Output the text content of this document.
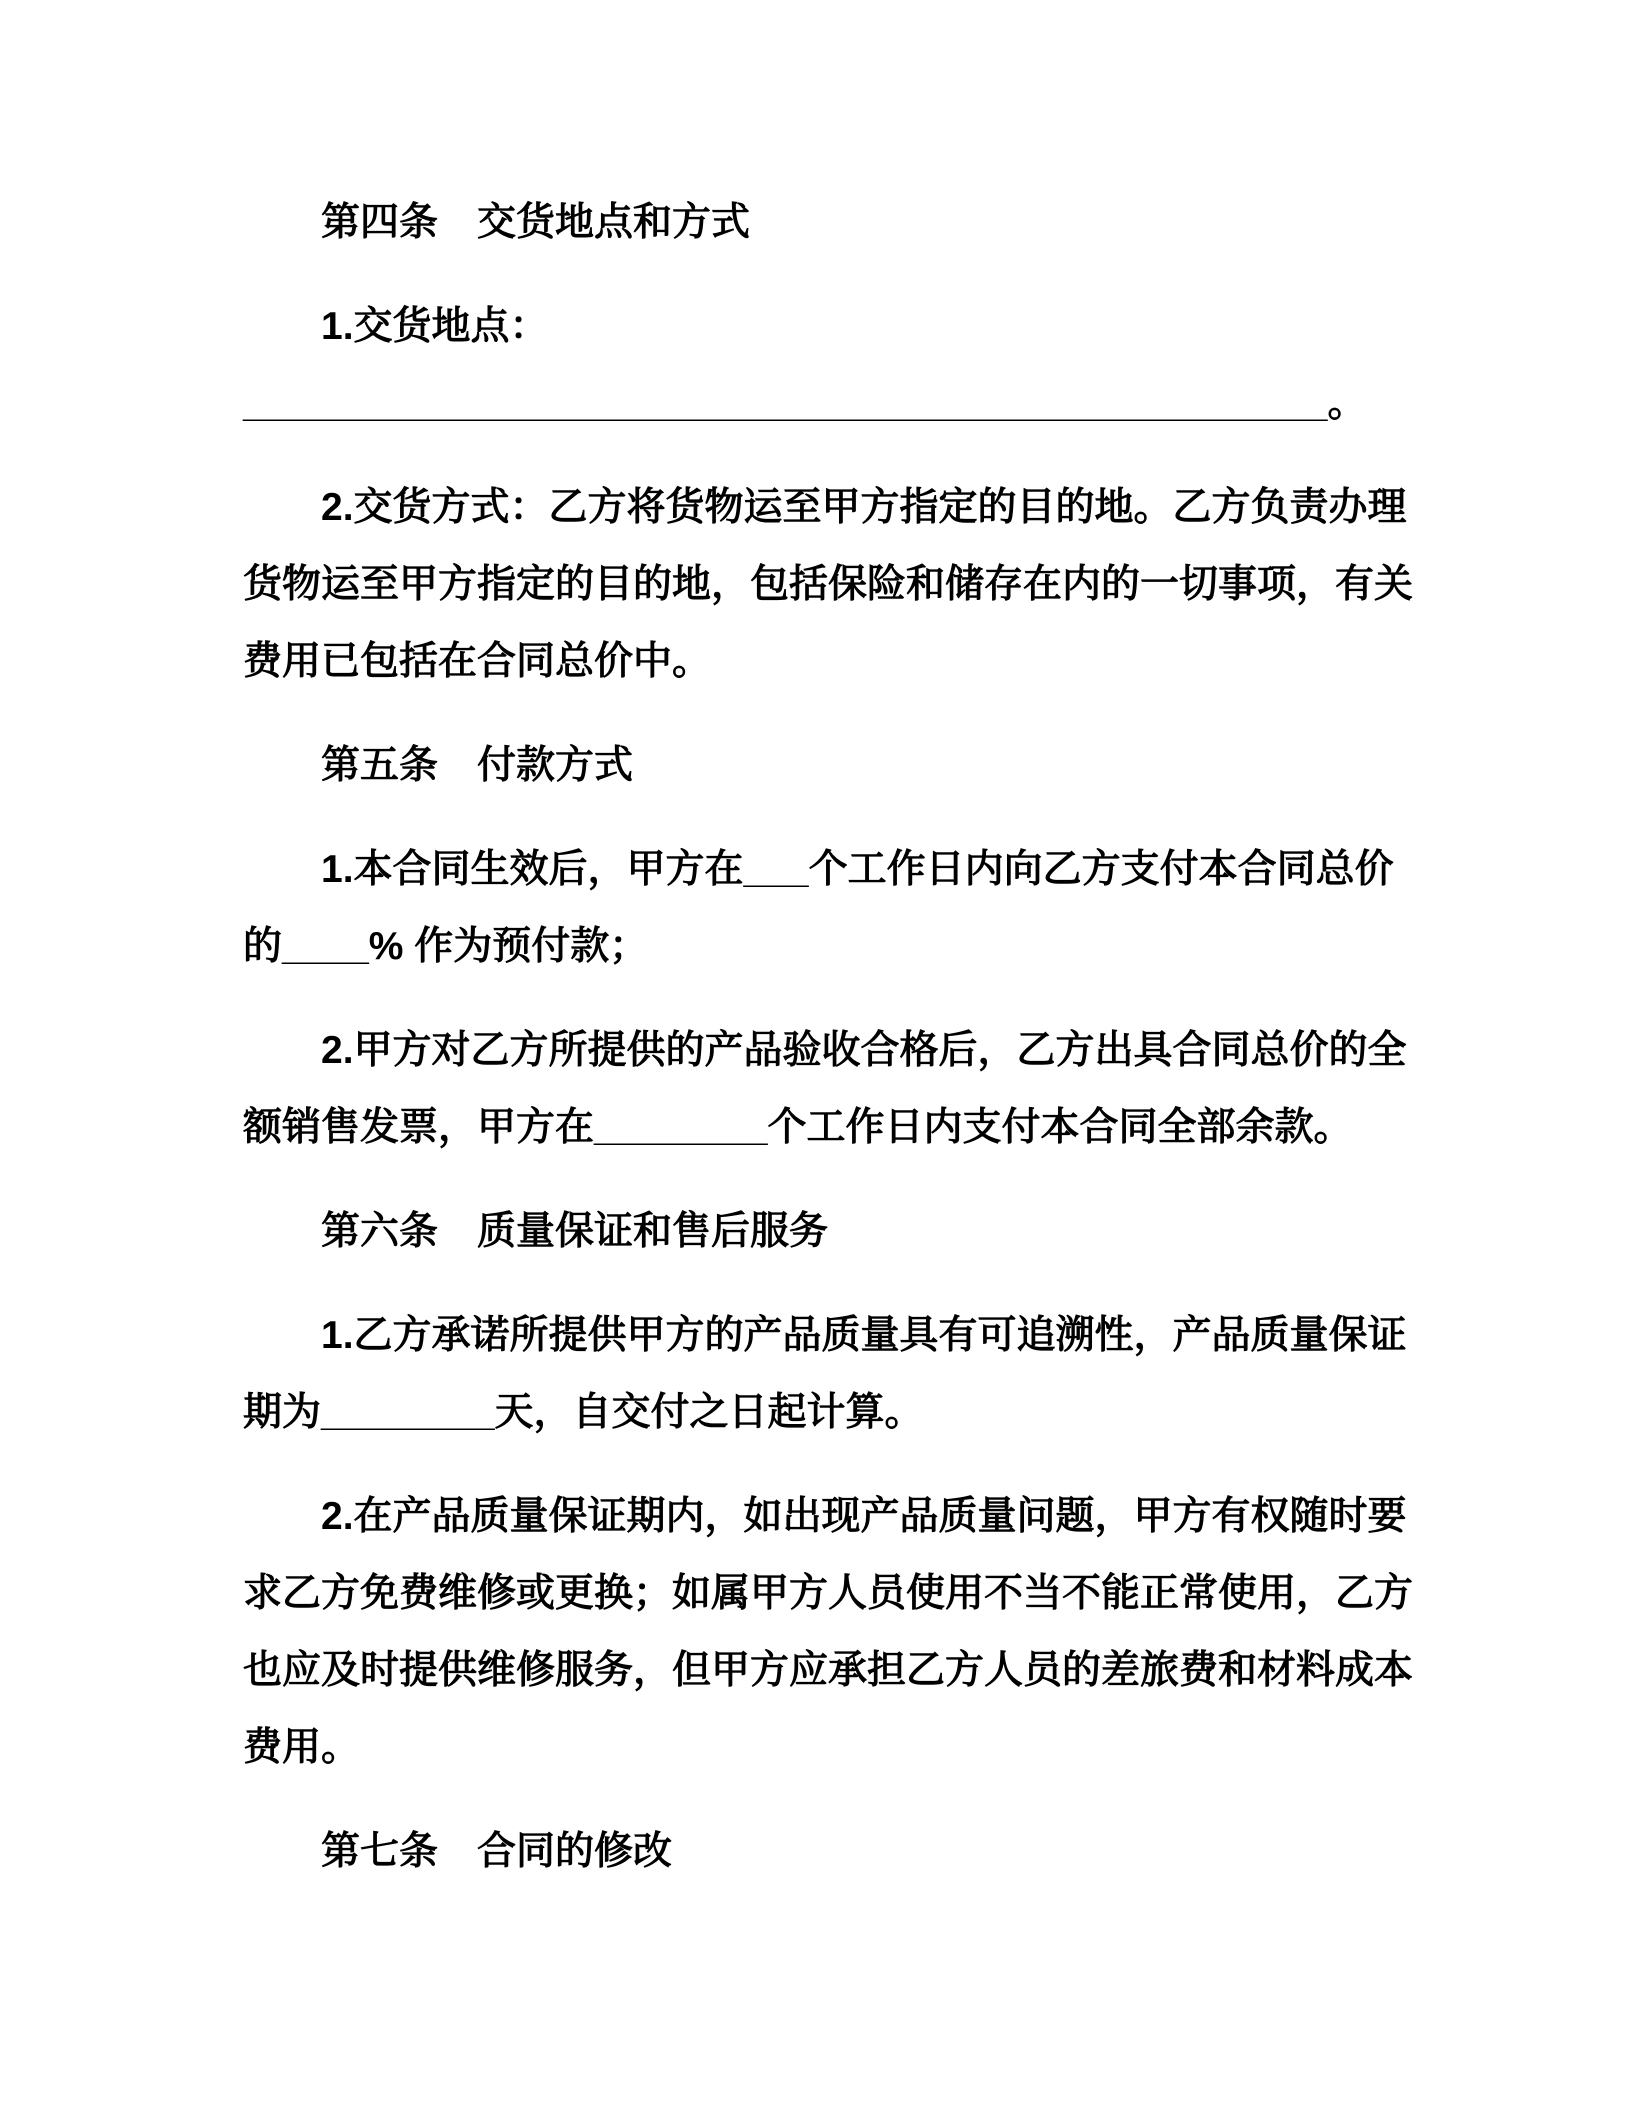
第四条　交货地点和方式

1.交货地点：
__________________________________________________。

2.交货方式：乙方将货物运至甲方指定的目的地。乙方负责办理
货物运至甲方指定的目的地，包括保险和储存在内的一切事项，有关
费用已包括在合同总价中。

第五条　付款方式

1.本合同生效后，甲方在___个工作日内向乙方支付本合同总价
的____% 作为预付款；

2.甲方对乙方所提供的产品验收合格后，乙方出具合同总价的全
额销售发票，甲方在________个工作日内支付本合同全部余款。

第六条　质量保证和售后服务

1.乙方承诺所提供甲方的产品质量具有可追溯性，产品质量保证
期为________天，自交付之日起计算。

2.在产品质量保证期内，如出现产品质量问题，甲方有权随时要
求乙方免费维修或更换；如属甲方人员使用不当不能正常使用，乙方
也应及时提供维修服务，但甲方应承担乙方人员的差旅费和材料成本
费用。

第七条　合同的修改
